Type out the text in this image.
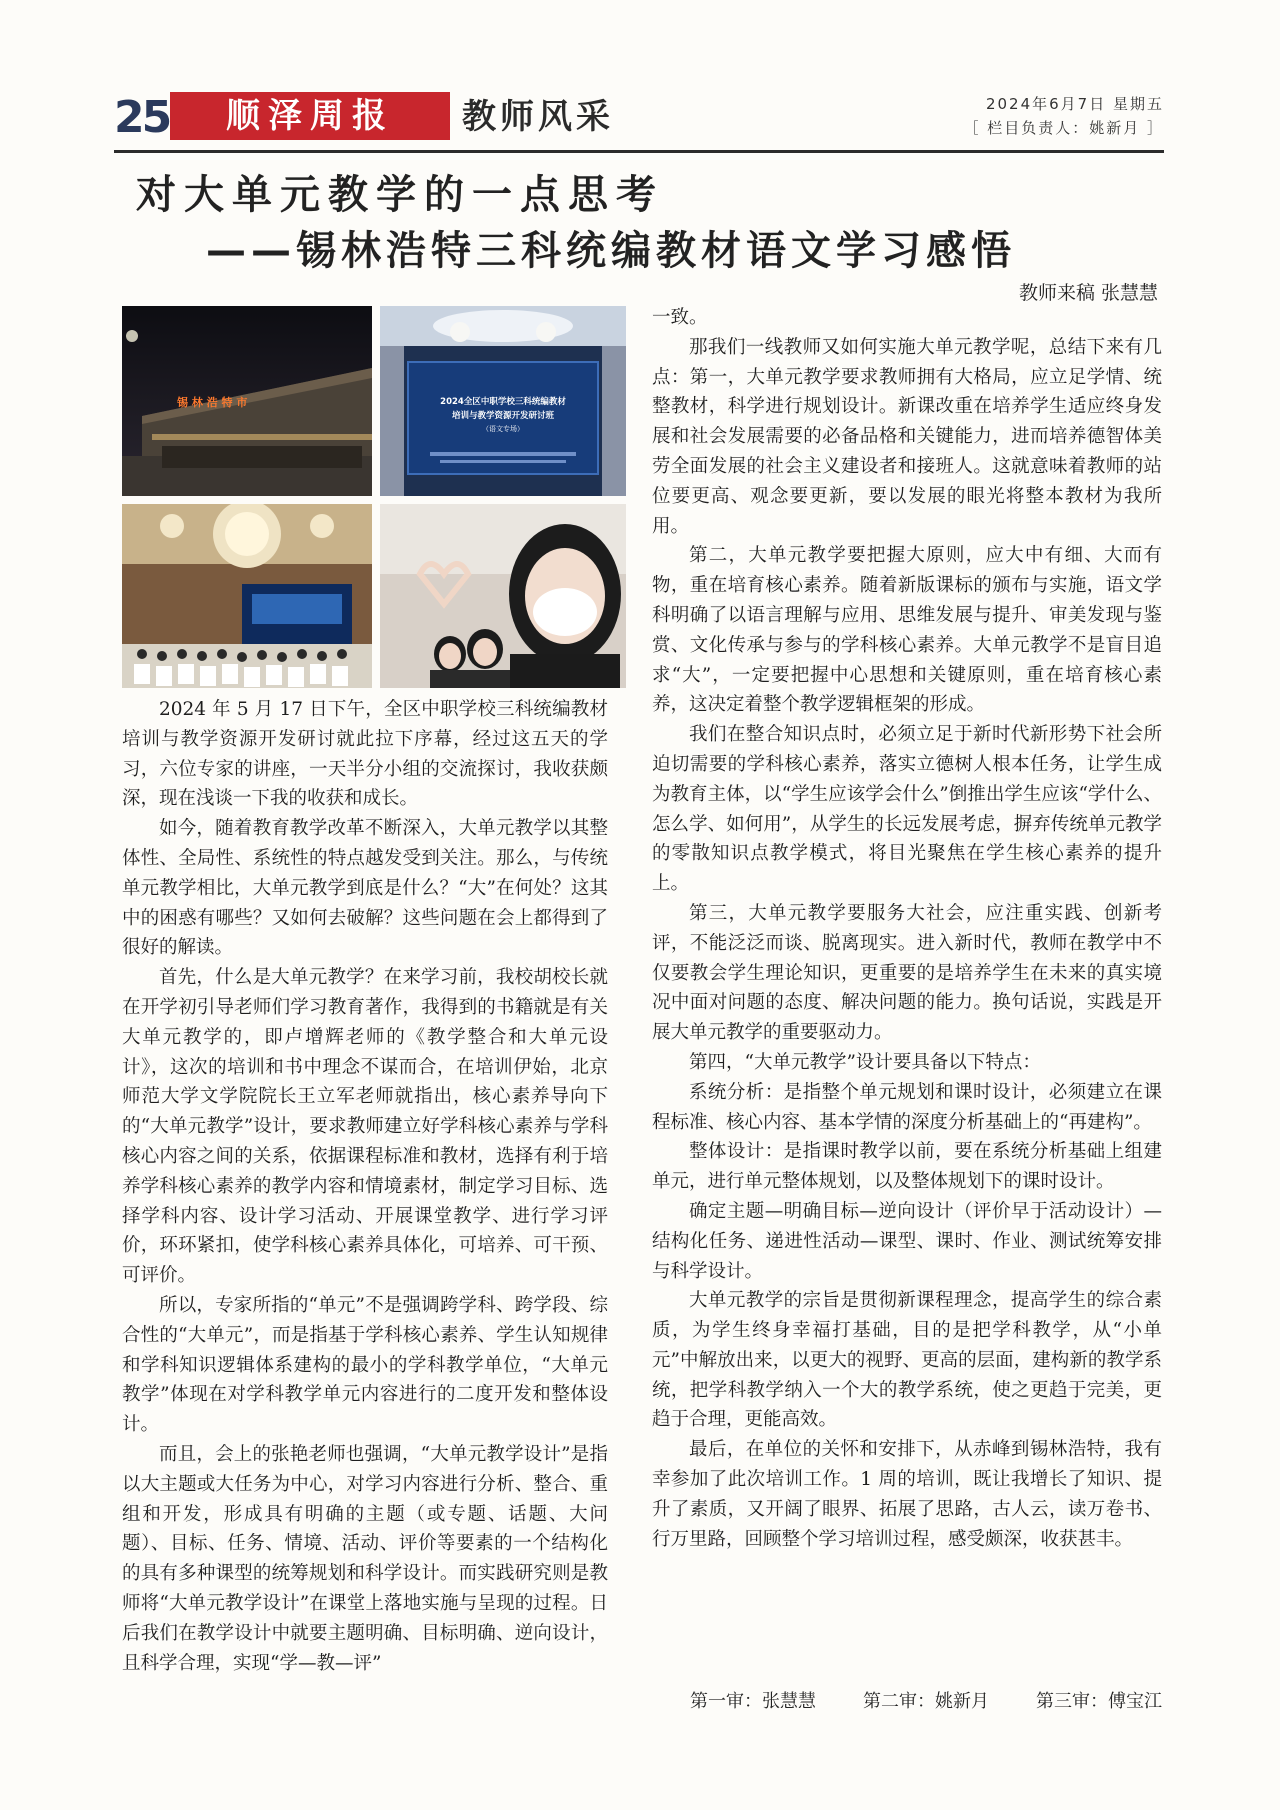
25	顺泽周报	教师风采	2024年6月7日 星期五
［ 栏目负责人：姚新月 ］
对大单元教学的一点思考
——锡林浩特三科统编教材语文学习感悟
教师来稿 张慧慧
锡 林 浩 特 市	2024全区中职学校三科统编教材
培训与教学资源开发研讨班
（语文专场）

2024 年 5 月 17 日下午，全区中职学校三科统编教材培训与教学资源开发研讨就此拉下序幕，经过这五天的学习，六位专家的讲座，一天半分小组的交流探讨，我收获颇深，现在浅谈一下我的收获和成长。

如今，随着教育教学改革不断深入，大单元教学以其整体性、全局性、系统性的特点越发受到关注。那么，与传统单元教学相比，大单元教学到底是什么？“大”在何处？这其中的困惑有哪些？又如何去破解？这些问题在会上都得到了很好的解读。

首先，什么是大单元教学？在来学习前，我校胡校长就在开学初引导老师们学习教育著作，我得到的书籍就是有关大单元教学的，即卢增辉老师的《教学整合和大单元设计》，这次的培训和书中理念不谋而合，在培训伊始，北京师范大学文学院院长王立军老师就指出，核心素养导向下的“大单元教学”设计，要求教师建立好学科核心素养与学科核心内容之间的关系，依据课程标准和教材，选择有利于培养学科核心素养的教学内容和情境素材，制定学习目标、选择学科内容、设计学习活动、开展课堂教学、进行学习评价，环环紧扣，使学科核心素养具体化，可培养、可干预、可评价。

所以，专家所指的“单元”不是强调跨学科、跨学段、综合性的“大单元”，而是指基于学科核心素养、学生认知规律和学科知识逻辑体系建构的最小的学科教学单位，“大单元教学”体现在对学科教学单元内容进行的二度开发和整体设计。

而且，会上的张艳老师也强调，“大单元教学设计”是指以大主题或大任务为中心，对学习内容进行分析、整合、重组和开发，形成具有明确的主题（或专题、话题、大问题）、目标、任务、情境、活动、评价等要素的一个结构化的具有多种课型的统筹规划和科学设计。而实践研究则是教师将“大单元教学设计”在课堂上落地实施与呈现的过程。日后我们在教学设计中就要主题明确、目标明确、逆向设计，且科学合理，实现“学—教—评”

一致。

那我们一线教师又如何实施大单元教学呢，总结下来有几点：第一，大单元教学要求教师拥有大格局，应立足学情、统整教材，科学进行规划设计。新课改重在培养学生适应终身发展和社会发展需要的必备品格和关键能力，进而培养德智体美劳全面发展的社会主义建设者和接班人。这就意味着教师的站位要更高、观念要更新，要以发展的眼光将整本教材为我所用。

第二，大单元教学要把握大原则，应大中有细、大而有物，重在培育核心素养。随着新版课标的颁布与实施，语文学科明确了以语言理解与应用、思维发展与提升、审美发现与鉴赏、文化传承与参与的学科核心素养。大单元教学不是盲目追求“大”，一定要把握中心思想和关键原则，重在培育核心素养，这决定着整个教学逻辑框架的形成。

我们在整合知识点时，必须立足于新时代新形势下社会所迫切需要的学科核心素养，落实立德树人根本任务，让学生成为教育主体，以“学生应该学会什么”倒推出学生应该“学什么、怎么学、如何用”，从学生的长远发展考虑，摒弃传统单元教学的零散知识点教学模式，将目光聚焦在学生核心素养的提升上。

第三，大单元教学要服务大社会，应注重实践、创新考评，不能泛泛而谈、脱离现实。进入新时代，教师在教学中不仅要教会学生理论知识，更重要的是培养学生在未来的真实境况中面对问题的态度、解决问题的能力。换句话说，实践是开展大单元教学的重要驱动力。

第四，“大单元教学”设计要具备以下特点：

系统分析：是指整个单元规划和课时设计，必须建立在课程标准、核心内容、基本学情的深度分析基础上的“再建构”。

整体设计：是指课时教学以前，要在系统分析基础上组建单元，进行单元整体规划，以及整体规划下的课时设计。

确定主题—明确目标—逆向设计（评价早于活动设计）—结构化任务、递进性活动—课型、课时、作业、测试统筹安排与科学设计。

大单元教学的宗旨是贯彻新课程理念，提高学生的综合素质，为学生终身幸福打基础，目的是把学科教学，从“小单元”中解放出来，以更大的视野、更高的层面，建构新的教学系统，把学科教学纳入一个大的教学系统，使之更趋于完美，更趋于合理，更能高效。

最后，在单位的关怀和安排下，从赤峰到锡林浩特，我有幸参加了此次培训工作。1 周的培训，既让我增长了知识、提升了素质，又开阔了眼界、拓展了思路，古人云，读万卷书、行万里路，回顾整个学习培训过程，感受颇深，收获甚丰。

第一审：张慧慧	第二审：姚新月	第三审：傅宝江
